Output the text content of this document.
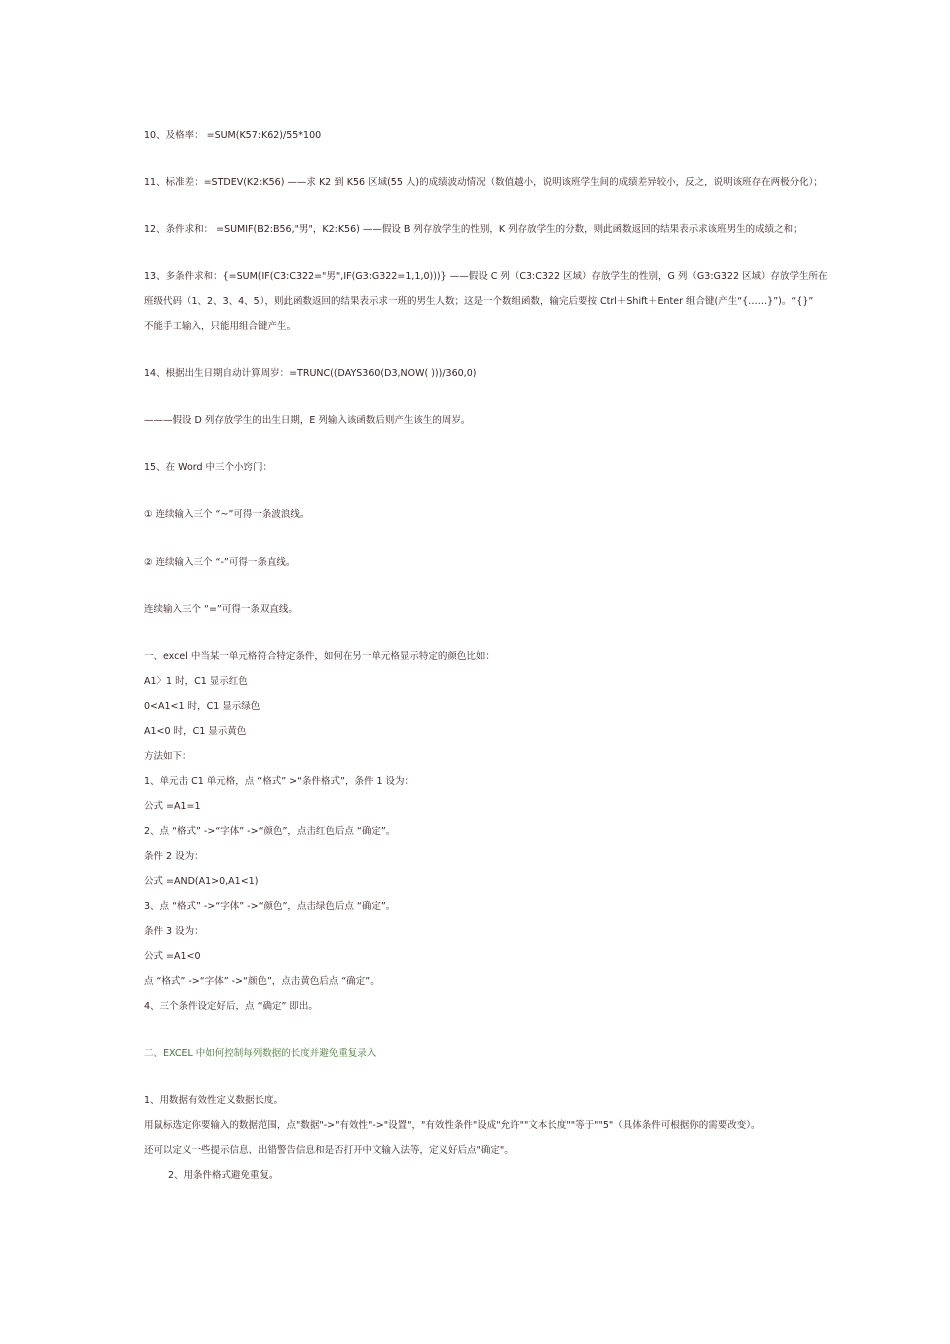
10、及格率： =SUM(K57:K62)/55*100
11、标准差：=STDEV(K2:K56) ——求 K2 到 K56 区域(55 人)的成绩波动情况（数值越小，说明该班学生间的成绩差异较小，反之，说明该班存在两极分化）；
12、条件求和： =SUMIF(B2:B56,"男"，K2:K56) ——假设 B 列存放学生的性别，K 列存放学生的分数，则此函数返回的结果表示求该班男生的成绩之和；
13、多条件求和：{=SUM(IF(C3:C322="男",IF(G3:G322=1,1,0)))} ——假设 C 列（C3:C322 区域）存放学生的性别，G 列（G3:G322 区域）存放学生所在
班级代码（1、2、3、4、5），则此函数返回的结果表示求一班的男生人数；这是一个数组函数，输完后要按 Ctrl＋Shift＋Enter 组合键(产生“{……}”)。“{}”
不能手工输入，只能用组合键产生。
14、根据出生日期自动计算周岁：=TRUNC((DAYS360(D3,NOW( )))/360,0)
———假设 D 列存放学生的出生日期，E 列输入该函数后则产生该生的周岁。
15、在 Word 中三个小窍门：
① 连续输入三个 “~”可得一条波浪线。
② 连续输入三个 “-”可得一条直线。
连续输入三个 “=”可得一条双直线。
一、excel 中当某一单元格符合特定条件，如何在另一单元格显示特定的颜色比如：
A1〉1 时，C1 显示红色
0<A1<1 时，C1 显示绿色
A1<0 时，C1 显示黄色
方法如下：
1、单元击 C1 单元格，点 “格式” >“条件格式”，条件 1 设为：
公式 =A1=1
2、点 “格式” ->“字体” ->“颜色”，点击红色后点 “确定”。
条件 2 设为：
公式 =AND(A1>0,A1<1)
3、点 “格式” ->“字体” ->“颜色”，点击绿色后点 “确定”。
条件 3 设为：
公式 =A1<0
点 “格式” ->“字体” ->“颜色”，点击黄色后点 “确定”。
4、三个条件设定好后，点 “确定” 即出。
二、EXCEL 中如何控制每列数据的长度并避免重复录入
1、用数据有效性定义数据长度。
用鼠标选定你要输入的数据范围，点"数据"->"有效性"->"设置"，"有效性条件"设成"允许""文本长度""等于""5"（具体条件可根据你的需要改变）。
还可以定义一些提示信息、出错警告信息和是否打开中文输入法等，定义好后点"确定"。
2、用条件格式避免重复。
